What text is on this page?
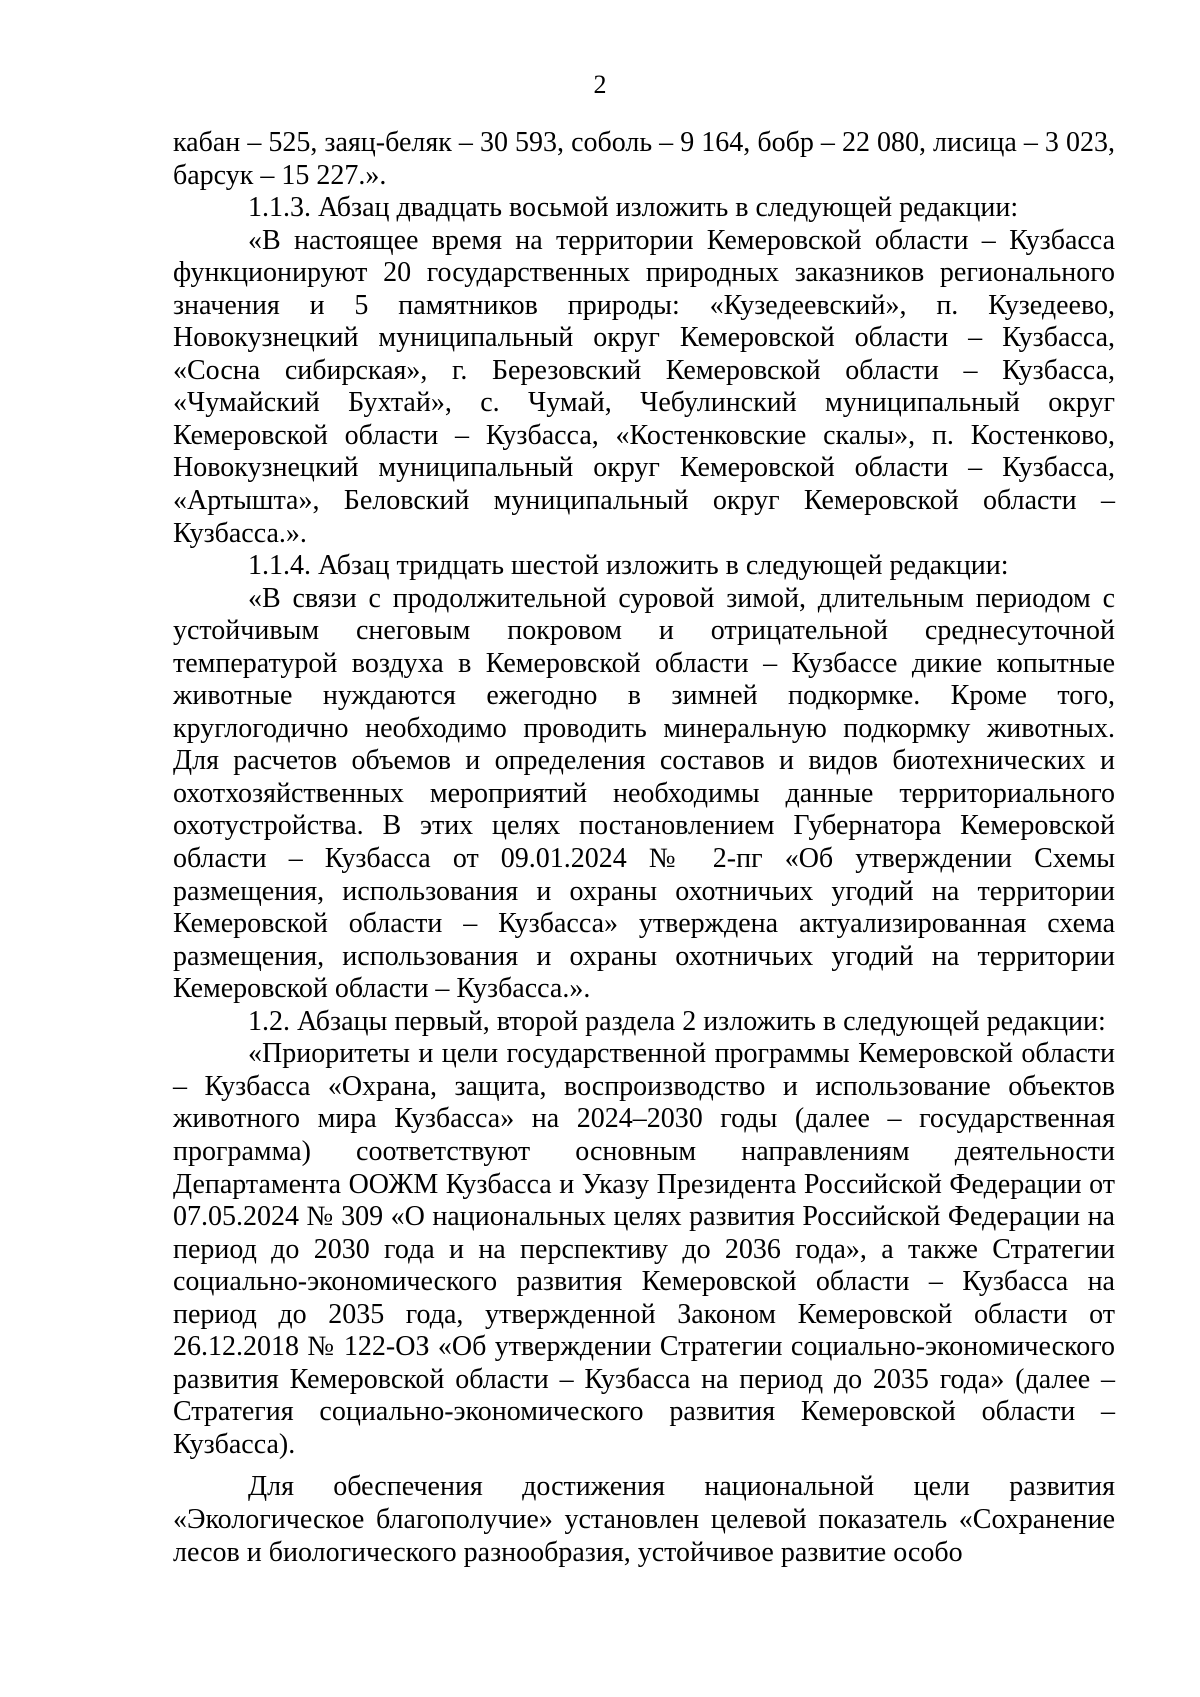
2

кабан – 525, заяц-беляк – 30 593, соболь – 9 164, бобр – 22 080, лисица – 3 023, барсук – 15 227.».

1.1.3. Абзац двадцать восьмой изложить в следующей редакции:

«В настоящее время на территории Кемеровской области – Кузбасса функционируют 20 государственных природных заказников регионального значения и 5 памятников природы: «Кузедеевский», п. Кузедеево, Новокузнецкий муниципальный округ Кемеровской области – Кузбасса, «Сосна сибирская», г. Березовский Кемеровской области – Кузбасса, «Чумайский Бухтай», с. Чумай, Чебулинский муниципальный округ Кемеровской области – Кузбасса, «Костенковские скалы», п. Костенково, Новокузнецкий муниципальный округ Кемеровской области – Кузбасса, «Артышта», Беловский муниципальный округ Кемеровской области – Кузбасса.».

1.1.4. Абзац тридцать шестой изложить в следующей редакции:

«В связи с продолжительной суровой зимой, длительным периодом с устойчивым снеговым покровом и отрицательной среднесуточной температурой воздуха в Кемеровской области – Кузбассе дикие копытные животные нуждаются ежегодно в зимней подкормке. Кроме того, круглогодично необходимо проводить минеральную подкормку животных. Для расчетов объемов и определения составов и видов биотехнических и охотхозяйственных мероприятий необходимы данные территориального охотустройства. В этих целях постановлением Губернатора Кемеровской области – Кузбасса от 09.01.2024 № 2-пг «Об утверждении Схемы размещения, использования и охраны охотничьих угодий на территории Кемеровской области – Кузбасса» утверждена актуализированная схема размещения, использования и охраны охотничьих угодий на территории Кемеровской области – Кузбасса.».

1.2. Абзацы первый, второй раздела 2 изложить в следующей редакции:

«Приоритеты и цели государственной программы Кемеровской области – Кузбасса «Охрана, защита, воспроизводство и использование объектов животного мира Кузбасса» на 2024–2030 годы (далее – государственная программа) соответствуют основным направлениям деятельности Департамента ООЖМ Кузбасса и Указу Президента Российской Федерации от 07.05.2024 № 309 «О национальных целях развития Российской Федерации на период до 2030 года и на перспективу до 2036 года», а также Стратегии социально-экономического развития Кемеровской области – Кузбасса на период до 2035 года, утвержденной Законом Кемеровской области от 26.12.2018 № 122-ОЗ «Об утверждении Стратегии социально-экономического развития Кемеровской области – Кузбасса на период до 2035 года» (далее – Стратегия социально-экономического развития Кемеровской области – Кузбасса).

Для обеспечения достижения национальной цели развития «Экологическое благополучие» установлен целевой показатель «Сохранение лесов и биологического разнообразия, устойчивое развитие особо
